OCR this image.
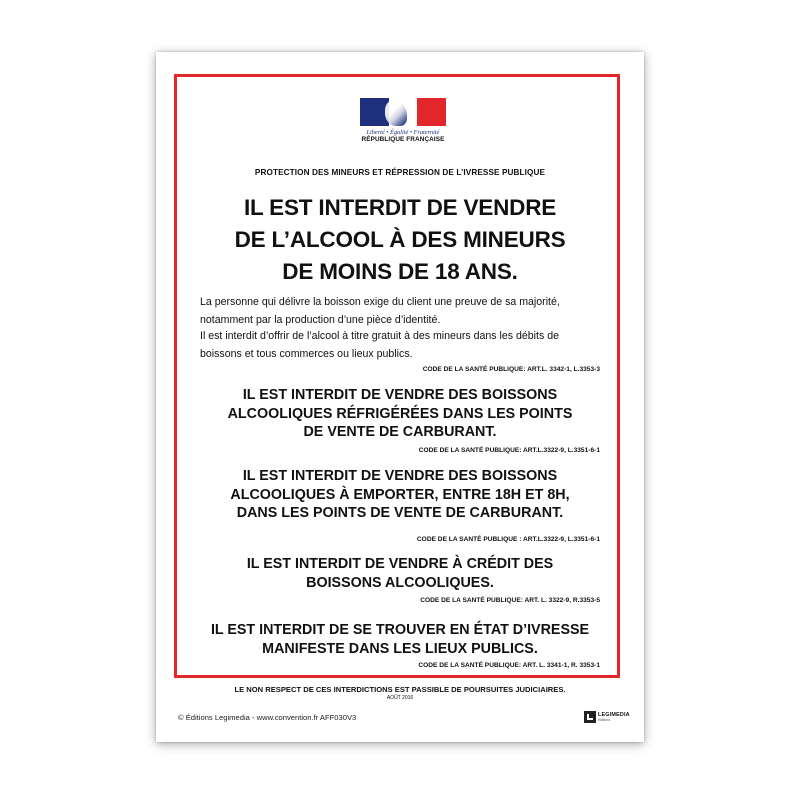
Liberté • Égalité • Fraternité
RÉPUBLIQUE FRANÇAISE
PROTECTION DES MINEURS ET RÉPRESSION DE L’IVRESSE PUBLIQUE
IL EST INTERDIT DE VENDRE
DE L’ALCOOL À DES MINEURS
DE MOINS DE 18 ANS.
La personne qui délivre la boisson exige du client une preuve de sa majorité, notamment par la production d’une pièce d’identité.
Il est interdit d’offrir de l’alcool à titre gratuit à des mineurs dans les débits de boissons et tous commerces ou lieux publics.
CODE DE LA SANTÉ PUBLIQUE: ART.L. 3342-1, L.3353-3
IL EST INTERDIT DE VENDRE DES BOISSONS
ALCOOLIQUES RÉFRIGÉRÉES DANS LES POINTS
DE VENTE DE CARBURANT.
CODE DE LA SANTÉ PUBLIQUE: ART.L.3322-9, L.3351-6-1
IL EST INTERDIT DE VENDRE DES BOISSONS
ALCOOLIQUES À EMPORTER, ENTRE 18H ET 8H,
DANS LES POINTS DE VENTE DE CARBURANT.
CODE DE LA SANTÉ PUBLIQUE : ART.L.3322-9, L.3351-6-1
IL EST INTERDIT DE VENDRE À CRÉDIT DES
BOISSONS ALCOOLIQUES.
CODE DE LA SANTÉ PUBLIQUE: ART. L. 3322-9, R.3353-5
IL EST INTERDIT DE SE TROUVER EN ÉTAT D’IVRESSE
MANIFESTE DANS LES LIEUX PUBLICS.
CODE DE LA SANTÉ PUBLIQUE: ART. L. 3341-1, R. 3353-1
LE NON RESPECT DE CES INTERDICTIONS EST PASSIBLE DE POURSUITES JUDICIAIRES.
AOÛT 2016
© Éditions Legimedia - www.convention.fr AFF030V3	LEGIMEDIA
éditions
